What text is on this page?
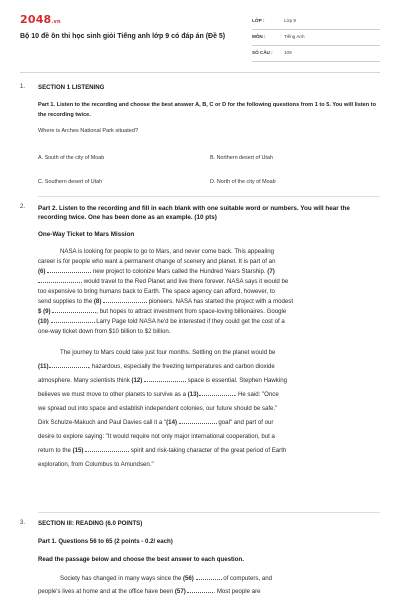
2048.vn
Bộ 10 đề ôn thi học sinh giỏi Tiếng anh lớp 9 có đáp án (Đề 5)
LỚP :	Lớp 9
MÔN :	Tiếng Anh
SỐ CÂU : 109
1. SECTION 1 LISTENING
Part 1. Listen to the recording and choose the best answer A, B, C or D for the following questions from 1 to 5. You will listen to the recording twice.
Where is Arches National Park situated?
A. South of the city of Moab	B. Northern desert of Utah
C. Southern desert of Utah	D. North of the city of Moab
2. Part 2. Listen to the recording and fill in each blank with one suitable word or numbers. You will hear the recording twice. One has been done as an example. (10 pts)
One-Way Ticket to Mars Mission
NASA is looking for people to go to Mars, and never come back. This appealing
career is for people who want a permanent change of scenery and planet. It is part of an
(6)	new project to colonize Mars called the Hundred Years Starship. (7)
would travel to the Red Planet and live there forever. NASA says it would be
too expensive to bring humans back to Earth. The space agency can afford, however, to
send supplies to the (8)	pioneers. NASA has started the project with a modest
$ (9)	, but hopes to attract investment from space-loving billionaires. Google
(10)	Larry Page told NASA he'd be interested if they could get the cost of a
one-way ticket down from $10 billion to $2 billion.
The journey to Mars could take just four months. Settling on the planet would be
(11)	, hazardous, especially the freezing temperatures and carbon dioxide
atmosphere. Many scientists think (12)	space is essential. Stephen Hawking
believes we must move to other planets to survive as a (13)	. He said: "Once
we spread out into space and establish independent colonies, our future should be safe."
Dirk Schulze-Makuch and Paul Davies call it a "(14)	goal" and part of our
desire to explore saying: "It would require not only major international cooperation, but a
return to the (15)	spirit and risk-taking character of the great period of Earth
exploration, from Columbus to Amundsen."
3. SECTION III: READING (6.0 POINTS)
Part 1. Questions 56 to 65 (2 points - 0.2/ each)
Read the passage below and choose the best answer to each question.
Society has changed in many ways since the (56)	of computers, and
people's lives at home and at the office have been (57)	. Most people are
